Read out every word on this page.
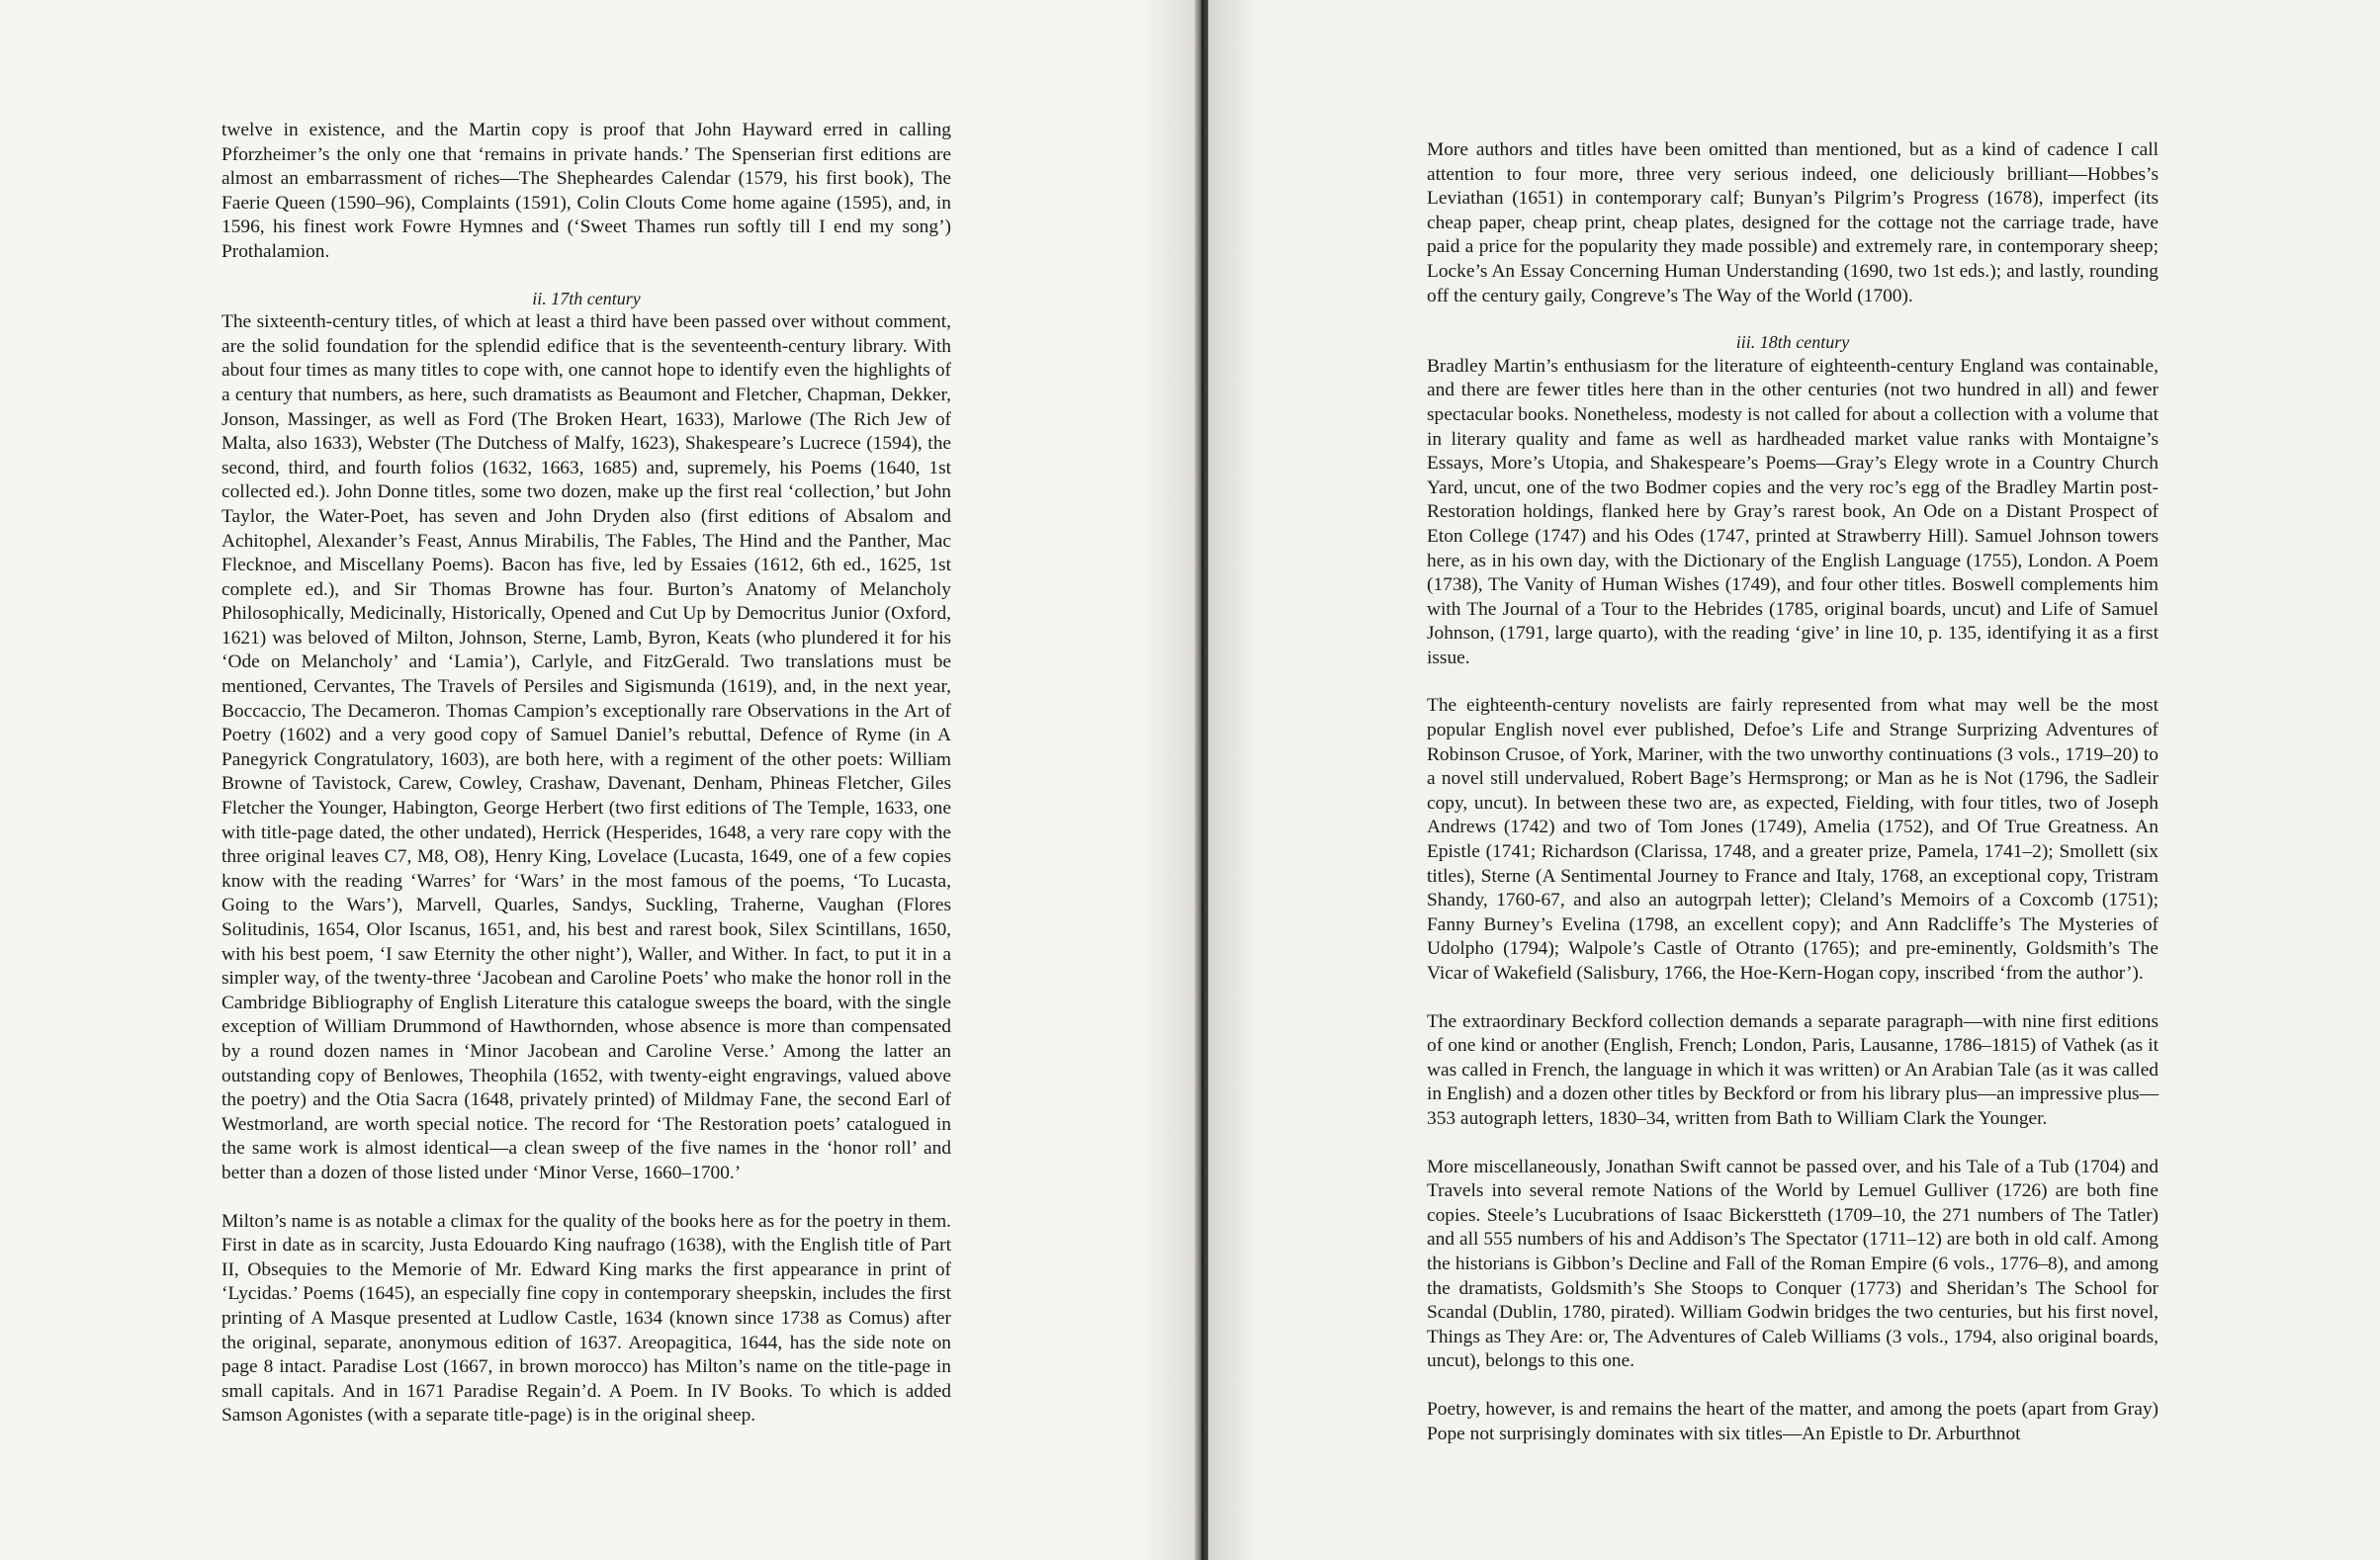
twelve in existence, and the Martin copy is proof that John Hayward erred in calling Pforzheimer’s the only one that ‘remains in private hands.’ The Spenserian first editions are almost an embarrassment of riches—The Shepheardes Calendar (1579, his first book), The Faerie Queen (1590–96), Complaints (1591), Colin Clouts Come home againe (1595), and, in 1596, his finest work Fowre Hymnes and (‘Sweet Thames run softly till I end my song’) Prothalamion.

ii. 17th century

The sixteenth-century titles, of which at least a third have been passed over without comment, are the solid foundation for the splendid edifice that is the seventeenth-century library. With about four times as many titles to cope with, one cannot hope to identify even the highlights of a century that numbers, as here, such dramatists as Beaumont and Fletcher, Chapman, Dekker, Jonson, Massinger, as well as Ford (The Broken Heart, 1633), Marlowe (The Rich Jew of Malta, also 1633), Webster (The Dutchess of Malfy, 1623), Shakespeare’s Lucrece (1594), the second, third, and fourth folios (1632, 1663, 1685) and, supremely, his Poems (1640, 1st collected ed.). John Donne titles, some two dozen, make up the first real ‘collection,’ but John Taylor, the Water-Poet, has seven and John Dryden also (first editions of Absalom and Achitophel, Alexander’s Feast, Annus Mirabilis, The Fables, The Hind and the Panther, Mac Flecknoe, and Miscellany Poems). Bacon has five, led by Essaies (1612, 6th ed., 1625, 1st complete ed.), and Sir Thomas Browne has four. Burton’s Anatomy of Melancholy Philosophically, Medicinally, Historically, Opened and Cut Up by Democritus Junior (Oxford, 1621) was beloved of Milton, Johnson, Sterne, Lamb, Byron, Keats (who plundered it for his ‘Ode on Melancholy’ and ‘Lamia’), Carlyle, and FitzGerald. Two translations must be mentioned, Cervantes, The Travels of Persiles and Sigismunda (1619), and, in the next year, Boccaccio, The Decameron. Thomas Campion’s exceptionally rare Observations in the Art of Poetry (1602) and a very good copy of Samuel Daniel’s rebuttal, Defence of Ryme (in A Panegyrick Congratulatory, 1603), are both here, with a regiment of the other poets: William Browne of Tavistock, Carew, Cowley, Crashaw, Davenant, Denham, Phineas Fletcher, Giles Fletcher the Younger, Habington, George Herbert (two first editions of The Temple, 1633, one with title-page dated, the other undated), Herrick (Hesperides, 1648, a very rare copy with the three original leaves C7, M8, O8), Henry King, Lovelace (Lucasta, 1649, one of a few copies know with the reading ‘Warres’ for ‘Wars’ in the most famous of the poems, ‘To Lucasta, Going to the Wars’), Marvell, Quarles, Sandys, Suckling, Traherne, Vaughan (Flores Solitudinis, 1654, Olor Iscanus, 1651, and, his best and rarest book, Silex Scintillans, 1650, with his best poem, ‘I saw Eternity the other night’), Waller, and Wither. In fact, to put it in a simpler way, of the twenty-three ‘Jacobean and Caroline Poets’ who make the honor roll in the Cambridge Bibliography of English Literature this catalogue sweeps the board, with the single exception of William Drummond of Hawthornden, whose absence is more than compensated by a round dozen names in ‘Minor Jacobean and Caroline Verse.’ Among the latter an outstanding copy of Benlowes, Theophila (1652, with twenty-eight engravings, valued above the poetry) and the Otia Sacra (1648, privately printed) of Mildmay Fane, the second Earl of Westmorland, are worth special notice. The record for ‘The Restoration poets’ catalogued in the same work is almost identical—a clean sweep of the five names in the ‘honor roll’ and better than a dozen of those listed under ‘Minor Verse, 1660–1700.’

Milton’s name is as notable a climax for the quality of the books here as for the poetry in them. First in date as in scarcity, Justa Edouardo King naufrago (1638), with the English title of Part II, Obsequies to the Memorie of Mr. Edward King marks the first appearance in print of ‘Lycidas.’ Poems (1645), an especially fine copy in contemporary sheepskin, includes the first printing of A Masque presented at Ludlow Castle, 1634 (known since 1738 as Comus) after the original, separate, anonymous edition of 1637. Areopagitica, 1644, has the side note on page 8 intact. Paradise Lost (1667, in brown morocco) has Milton’s name on the title-page in small capitals. And in 1671 Paradise Regain’d. A Poem. In IV Books. To which is added Samson Agonistes (with a separate title-page) is in the original sheep.

More authors and titles have been omitted than mentioned, but as a kind of cadence I call attention to four more, three very serious indeed, one deliciously brilliant—Hobbes’s Leviathan (1651) in contemporary calf; Bunyan’s Pilgrim’s Progress (1678), imperfect (its cheap paper, cheap print, cheap plates, designed for the cottage not the carriage trade, have paid a price for the popularity they made possible) and extremely rare, in contemporary sheep; Locke’s An Essay Concerning Human Understanding (1690, two 1st eds.); and lastly, rounding off the century gaily, Congreve’s The Way of the World (1700).

iii. 18th century

Bradley Martin’s enthusiasm for the literature of eighteenth-century England was containable, and there are fewer titles here than in the other centuries (not two hundred in all) and fewer spectacular books. Nonetheless, modesty is not called for about a collection with a volume that in literary quality and fame as well as hardheaded market value ranks with Montaigne’s Essays, More’s Utopia, and Shakespeare’s Poems—Gray’s Elegy wrote in a Country Church Yard, uncut, one of the two Bodmer copies and the very roc’s egg of the Bradley Martin post-Restoration holdings, flanked here by Gray’s rarest book, An Ode on a Distant Prospect of Eton College (1747) and his Odes (1747, printed at Strawberry Hill). Samuel Johnson towers here, as in his own day, with the Dictionary of the English Language (1755), London. A Poem (1738), The Vanity of Human Wishes (1749), and four other titles. Boswell complements him with The Journal of a Tour to the Hebrides (1785, original boards, uncut) and Life of Samuel Johnson, (1791, large quarto), with the reading ‘give’ in line 10, p. 135, identifying it as a first issue.

The eighteenth-century novelists are fairly represented from what may well be the most popular English novel ever published, Defoe’s Life and Strange Surprizing Adventures of Robinson Crusoe, of York, Mariner, with the two unworthy continuations (3 vols., 1719–20) to a novel still undervalued, Robert Bage’s Hermsprong; or Man as he is Not (1796, the Sadleir copy, uncut). In between these two are, as expected, Fielding, with four titles, two of Joseph Andrews (1742) and two of Tom Jones (1749), Amelia (1752), and Of True Greatness. An Epistle (1741; Richardson (Clarissa, 1748, and a greater prize, Pamela, 1741–2); Smollett (six titles), Sterne (A Sentimental Journey to France and Italy, 1768, an exceptional copy, Tristram Shandy, 1760-67, and also an autogrpah letter); Cleland’s Memoirs of a Coxcomb (1751); Fanny Burney’s Evelina (1798, an excellent copy); and Ann Radcliffe’s The Mysteries of Udolpho (1794); Walpole’s Castle of Otranto (1765); and pre-eminently, Goldsmith’s The Vicar of Wakefield (Salisbury, 1766, the Hoe-Kern-Hogan copy, inscribed ‘from the author’).

The extraordinary Beckford collection demands a separate paragraph—with nine first editions of one kind or another (English, French; London, Paris, Lausanne, 1786–1815) of Vathek (as it was called in French, the language in which it was written) or An Arabian Tale (as it was called in English) and a dozen other titles by Beckford or from his library plus—an impressive plus—353 autograph letters, 1830–34, written from Bath to William Clark the Younger.

More miscellaneously, Jonathan Swift cannot be passed over, and his Tale of a Tub (1704) and Travels into several remote Nations of the World by Lemuel Gulliver (1726) are both fine copies. Steele’s Lucubrations of Isaac Bickerstteth (1709–10, the 271 numbers of The Tatler) and all 555 numbers of his and Addison’s The Spectator (1711–12) are both in old calf. Among the historians is Gibbon’s Decline and Fall of the Roman Empire (6 vols., 1776–8), and among the dramatists, Goldsmith’s She Stoops to Conquer (1773) and Sheridan’s The School for Scandal (Dublin, 1780, pirated). William Godwin bridges the two centuries, but his first novel, Things as They Are: or, The Adventures of Caleb Williams (3 vols., 1794, also original boards, uncut), belongs to this one.

Poetry, however, is and remains the heart of the matter, and among the poets (apart from Gray) Pope not surprisingly dominates with six titles—An Epistle to Dr. Arburthnot
